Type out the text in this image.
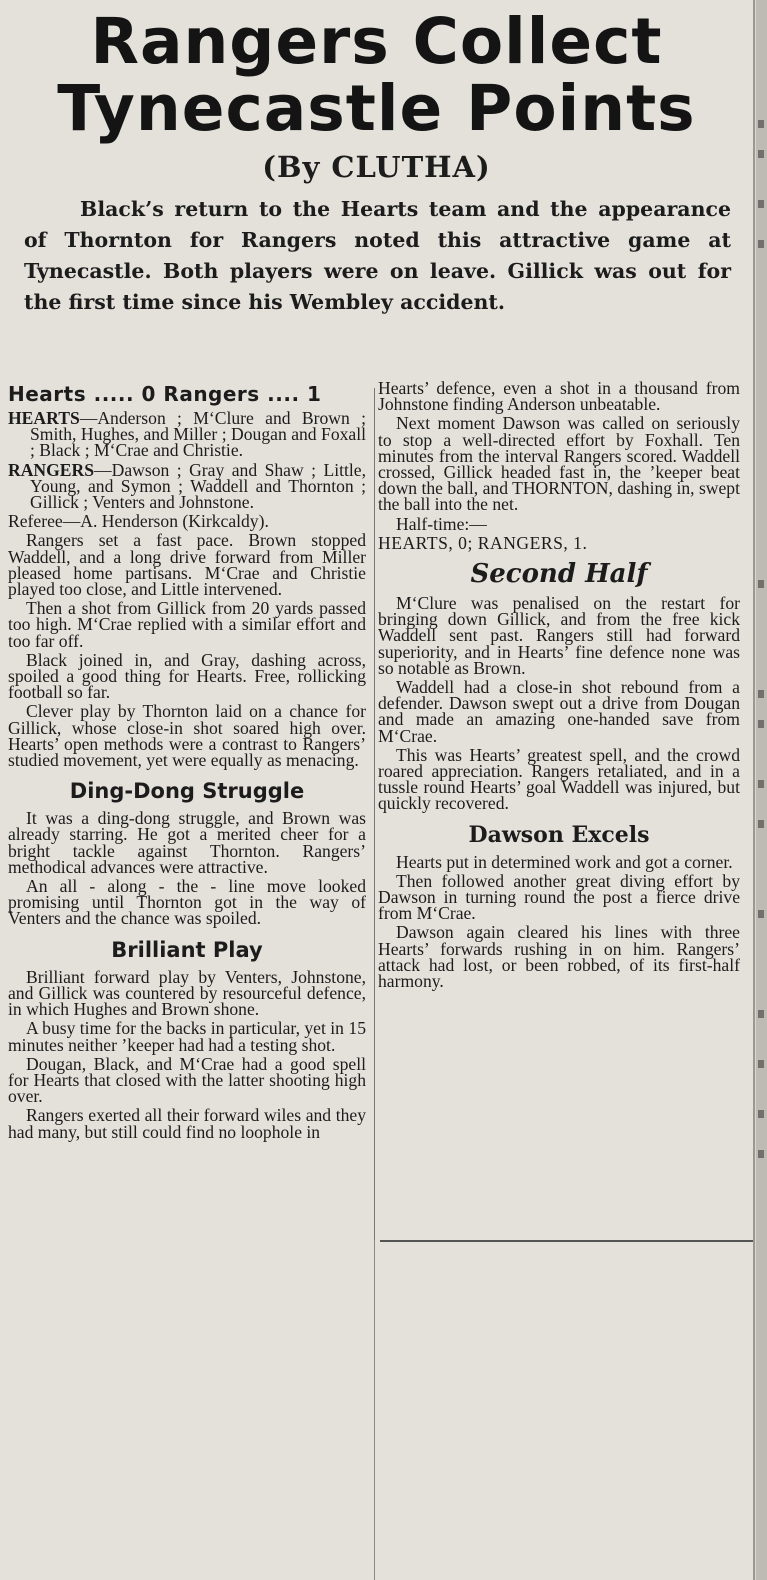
Rangers Collect Tynecastle Points
(By CLUTHA)
Black’s return to the Hearts team and the appearance of Thornton for Rangers noted this attractive game at Tynecastle. Both players were on leave. Gillick was out for the first time since his Wembley accident.
Hearts ..... 0 Rangers .... 1

HEARTS—Anderson ; M‘Clure and Brown ; Smith, Hughes, and Miller ; Dougan and Foxall ; Black ; M‘Crae and Christie.

RANGERS—Dawson ; Gray and Shaw ; Little, Young, and Symon ; Waddell and Thornton ; Gillick ; Venters and Johnstone.

Referee—A. Henderson (Kirkcaldy).

Rangers set a fast pace. Brown stopped Waddell, and a long drive forward from Miller pleased home partisans. M‘Crae and Christie played too close, and Little intervened.

Then a shot from Gillick from 20 yards passed too high. M‘Crae replied with a similar effort and too far off.

Black joined in, and Gray, dashing across, spoiled a good thing for Hearts. Free, rollicking football so far.

Clever play by Thornton laid on a chance for Gillick, whose close-in shot soared high over. Hearts’ open methods were a contrast to Rangers’ studied movement, yet were equally as menacing.

Ding-Dong Struggle

It was a ding-dong struggle, and Brown was already starring. He got a merited cheer for a bright tackle against Thornton. Rangers’ methodical advances were attractive.

An all - along - the - line move looked promising until Thornton got in the way of Venters and the chance was spoiled.

Brilliant Play

Brilliant forward play by Venters, Johnstone, and Gillick was countered by resourceful defence, in which Hughes and Brown shone.

A busy time for the backs in particular, yet in 15 minutes neither ’keeper had had a testing shot.

Dougan, Black, and M‘Crae had a good spell for Hearts that closed with the latter shooting high over.

Rangers exerted all their forward wiles and they had many, but still could find no loophole in

Hearts’ defence, even a shot in a thousand from Johnstone finding Anderson unbeatable.

Next moment Dawson was called on seriously to stop a well-directed effort by Foxhall. Ten minutes from the interval Rangers scored. Waddell crossed, Gillick headed fast in, the ’keeper beat down the ball, and THORNTON, dashing in, swept the ball into the net.

Half-time:—

HEARTS, 0; RANGERS, 1.

Second Half

M‘Clure was penalised on the restart for bringing down Gillick, and from the free kick Waddell sent past. Rangers still had forward superiority, and in Hearts’ fine defence none was so notable as Brown.

Waddell had a close-in shot rebound from a defender. Dawson swept out a drive from Dougan and made an amazing one-handed save from M‘Crae.

This was Hearts’ greatest spell, and the crowd roared appreciation. Rangers retaliated, and in a tussle round Hearts’ goal Waddell was injured, but quickly recovered.

Dawson Excels

Hearts put in determined work and got a corner.

Then followed another great diving effort by Dawson in turning round the post a fierce drive from M‘Crae.

Dawson again cleared his lines with three Hearts’ forwards rushing in on him. Rangers’ attack had lost, or been robbed, of its first-half harmony.
